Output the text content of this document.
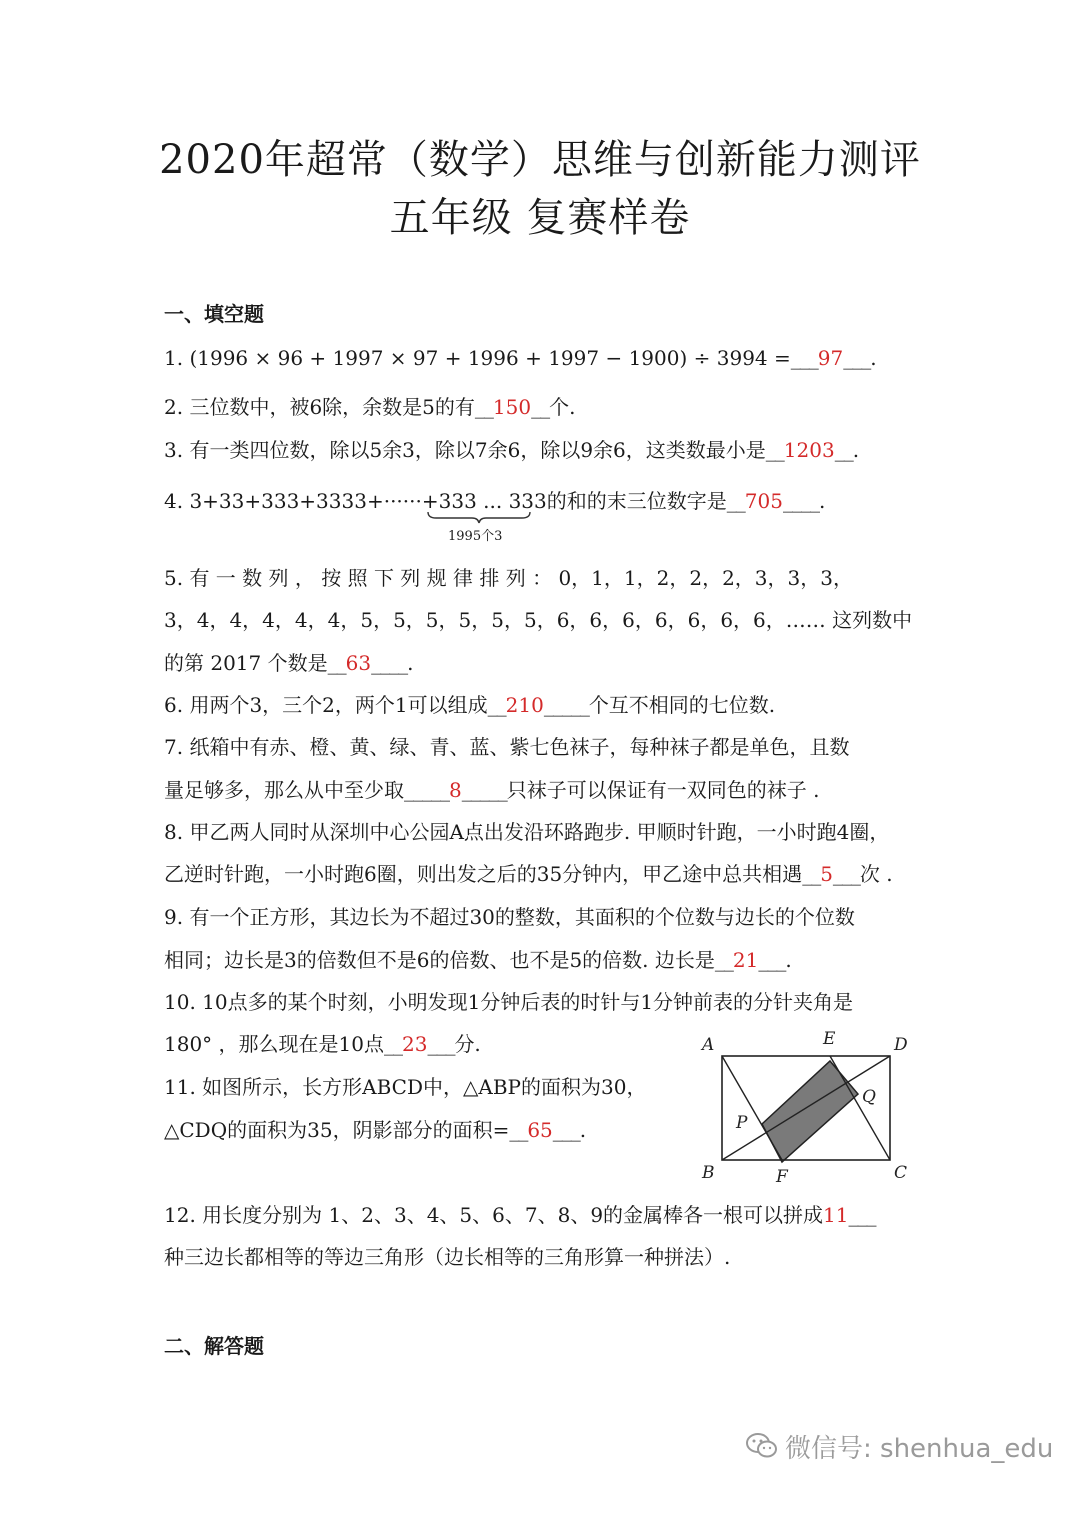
2020年超常（数学）思维与创新能力测评
五年级 复赛样卷
一、填空题
1. (1996 × 96 + 1997 × 97 + 1996 + 1997 − 1900) ÷ 3994 =___97___.
2. 三位数中，被6除，余数是5的有__150__个.
3. 有一类四位数，除以5余3，除以7余6，除以9余6，这类数最小是__1203__.
4. 3+33+333+3333+······+333 ... 333的和的末三位数字是__705____.
1995个3
5. 有 一 数 列 ， 按 照 下 列 规 律 排 列 ： 0，1，1，2，2，2，3，3，3，
3，4，4，4，4，4，5，5，5，5，5，5，6，6，6，6，6，6，6，…… 这列数中
的第 2017 个数是__63____.
6. 用两个3，三个2，两个1可以组成__210_____个互不相同的七位数.
7. 纸箱中有赤、橙、黄、绿、青、蓝、紫七色袜子，每种袜子都是单色，且数
量足够多，那么从中至少取_____8_____只袜子可以保证有一双同色的袜子 .
8. 甲乙两人同时从深圳中心公园A点出发沿环路跑步. 甲顺时针跑，一小时跑4圈，
乙逆时针跑，一小时跑6圈，则出发之后的35分钟内，甲乙途中总共相遇__5___次 .
9. 有一个正方形，其边长为不超过30的整数，其面积的个位数与边长的个位数
相同；边长是3的倍数但不是6的倍数、也不是5的倍数. 边长是__21___.
10. 10点多的某个时刻，小明发现1分钟后表的时针与1分钟前表的分针夹角是
180° ，那么现在是10点__23___分.
11. 如图所示，长方形ABCD中，△ABP的面积为30，
△CDQ的面积为35，阴影部分的面积=__65___.
A	E	D
Q
P
B	F	C
12. 用长度分别为 1、2、3、4、5、6、7、8、9的金属棒各一根可以拼成11___
种三边长都相等的等边三角形（边长相等的三角形算一种拼法）.
二、解答题
微信号: shenhua_edu
